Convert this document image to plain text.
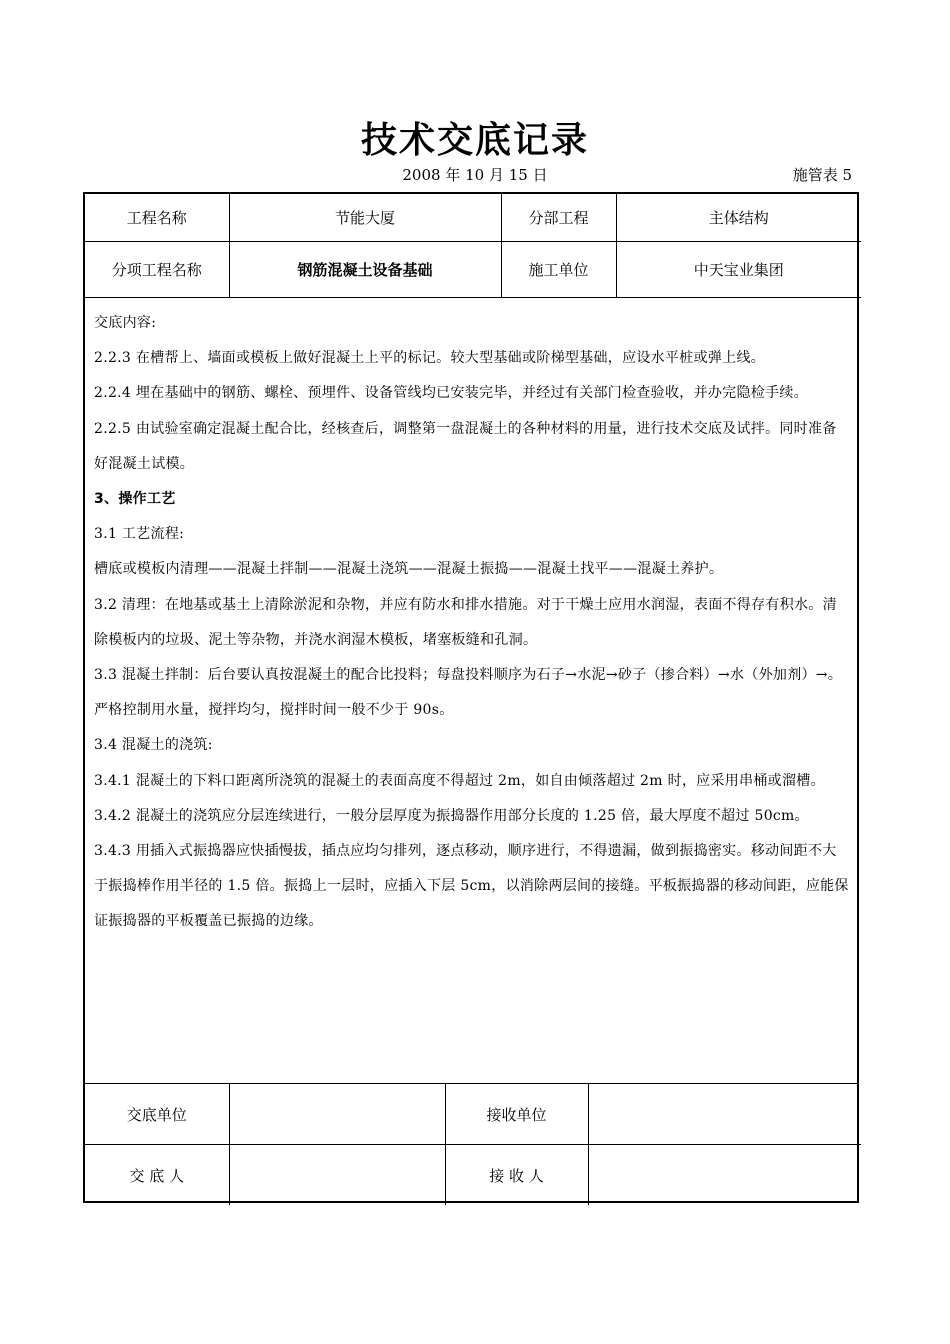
技术交底记录
2008 年 10 月 15 日	施管表 5
工程名称	节能大厦	分部工程	主体结构
分项工程名称	钢筋混凝土设备基础	施工单位	中天宝业集团

交底内容:

2.2.3 在槽帮上、墙面或模板上做好混凝土上平的标记。较大型基础或阶梯型基础，应设水平桩或弹上线。

2.2.4 埋在基础中的钢筋、螺栓、预埋件、设备管线均已安装完毕，并经过有关部门检查验收，并办完隐检手续。

2.2.5 由试验室确定混凝土配合比，经核查后，调整第一盘混凝土的各种材料的用量，进行技术交底及试拌。同时准备好混凝土试模。

3、操作工艺

3.1 工艺流程:

槽底或模板内清理——混凝土拌制——混凝土浇筑——混凝土振捣——混凝土找平——混凝土养护。

3.2 清理：在地基或基土上清除淤泥和杂物，并应有防水和排水措施。对于干燥土应用水润湿，表面不得存有积水。清除模板内的垃圾、泥土等杂物，并浇水润湿木模板，堵塞板缝和孔洞。

3.3 混凝土拌制：后台要认真按混凝土的配合比投料；每盘投料顺序为石子→水泥→砂子（掺合料）→水（外加剂）→。严格控制用水量，搅拌均匀，搅拌时间一般不少于 90s。

3.4 混凝土的浇筑:

3.4.1 混凝土的下料口距离所浇筑的混凝土的表面高度不得超过 2m，如自由倾落超过 2m 时，应采用串桶或溜槽。

3.4.2 混凝土的浇筑应分层连续进行，一般分层厚度为振捣器作用部分长度的 1.25 倍，最大厚度不超过 50cm。

3.4.3 用插入式振捣器应快插慢拔，插点应均匀排列，逐点移动，顺序进行，不得遗漏，做到振捣密实。移动间距不大于振捣棒作用半径的 1.5 倍。振捣上一层时，应插入下层 5cm，以消除两层间的接缝。平板振捣器的移动间距，应能保证振捣器的平板覆盖已振捣的边缘。

交底单位		接收单位	
交 底 人		接 收 人	
